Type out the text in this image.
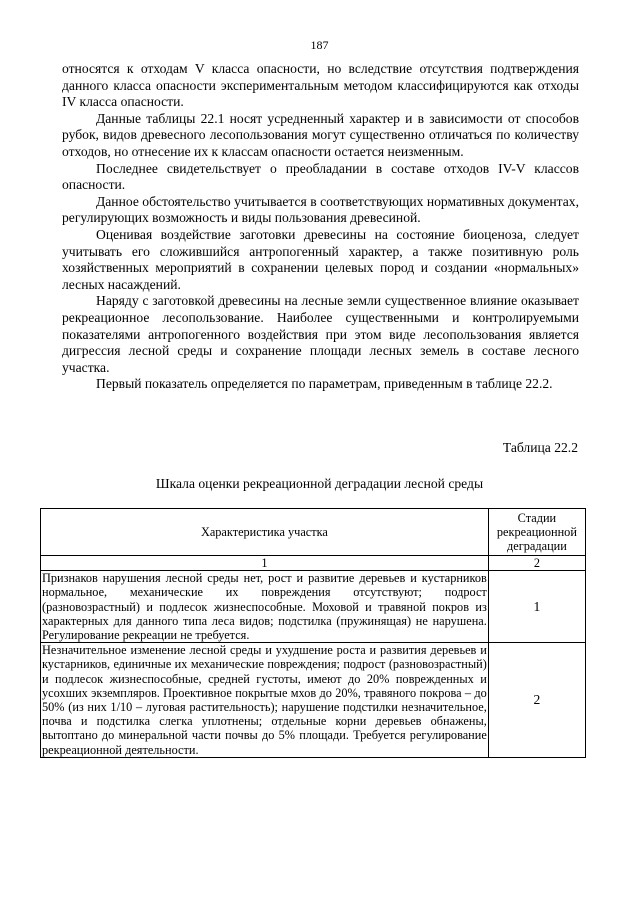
187

относятся к отходам V класса опасности, но вследствие отсутствия подтверждения данного класса опасности экспериментальным методом классифицируются как отходы IV класса опасности.

Данные таблицы 22.1 носят усредненный характер и в зависимости от способов рубок, видов древесного лесопользования могут существенно отличаться по количеству отходов, но отнесение их к классам опасности остается неизменным.

Последнее свидетельствует о преобладании в составе отходов IV-V классов опасности.

Данное обстоятельство учитывается в соответствующих нормативных документах, регулирующих возможность и виды пользования древесиной.

Оценивая воздействие заготовки древесины на состояние биоценоза, следует учитывать его сложившийся антропогенный характер, а также позитивную роль хозяйственных мероприятий в сохранении целевых пород и создании «нормальных» лесных насаждений.

Наряду с заготовкой древесины на лесные земли существенное влияние оказывает рекреационное лесопользование. Наиболее существенными и контролируемыми показателями антропогенного воздействия при этом виде лесопользования является дигрессия лесной среды и сохранение площади лесных земель в составе лесного участка.

Первый показатель определяется по параметрам, приведенным в таблице 22.2.

Таблица 22.2
Шкала оценки рекреационной деградации лесной среды
Характеристика участка	Стадии рекреационной деградации
1	2
Признаков нарушения лесной среды нет, рост и развитие деревьев и кустарников нормальное, механические их повреждения отсутствуют; подрост (разновозрастный) и подлесок жизнеспособные. Моховой и травяной покров из характерных для данного типа леса видов; подстилка (пружинящая) не нарушена. Регулирование рекреации не требуется.	1
Незначительное изменение лесной среды и ухудшение роста и развития деревьев и кустарников, единичные их механические повреждения; подрост (разновозрастный) и подлесок жизнеспособные, средней густоты, имеют до 20% поврежденных и усохших экземпляров. Проективное покрытые мхов до 20%, травяного покрова – до 50% (из них 1/10 – луговая растительность); нарушение подстилки незначительное, почва и подстилка слегка уплотнены; отдельные корни деревьев обнажены, вытоптано до минеральной части почвы до 5% площади. Требуется регулирование рекреационной деятельности.	2
